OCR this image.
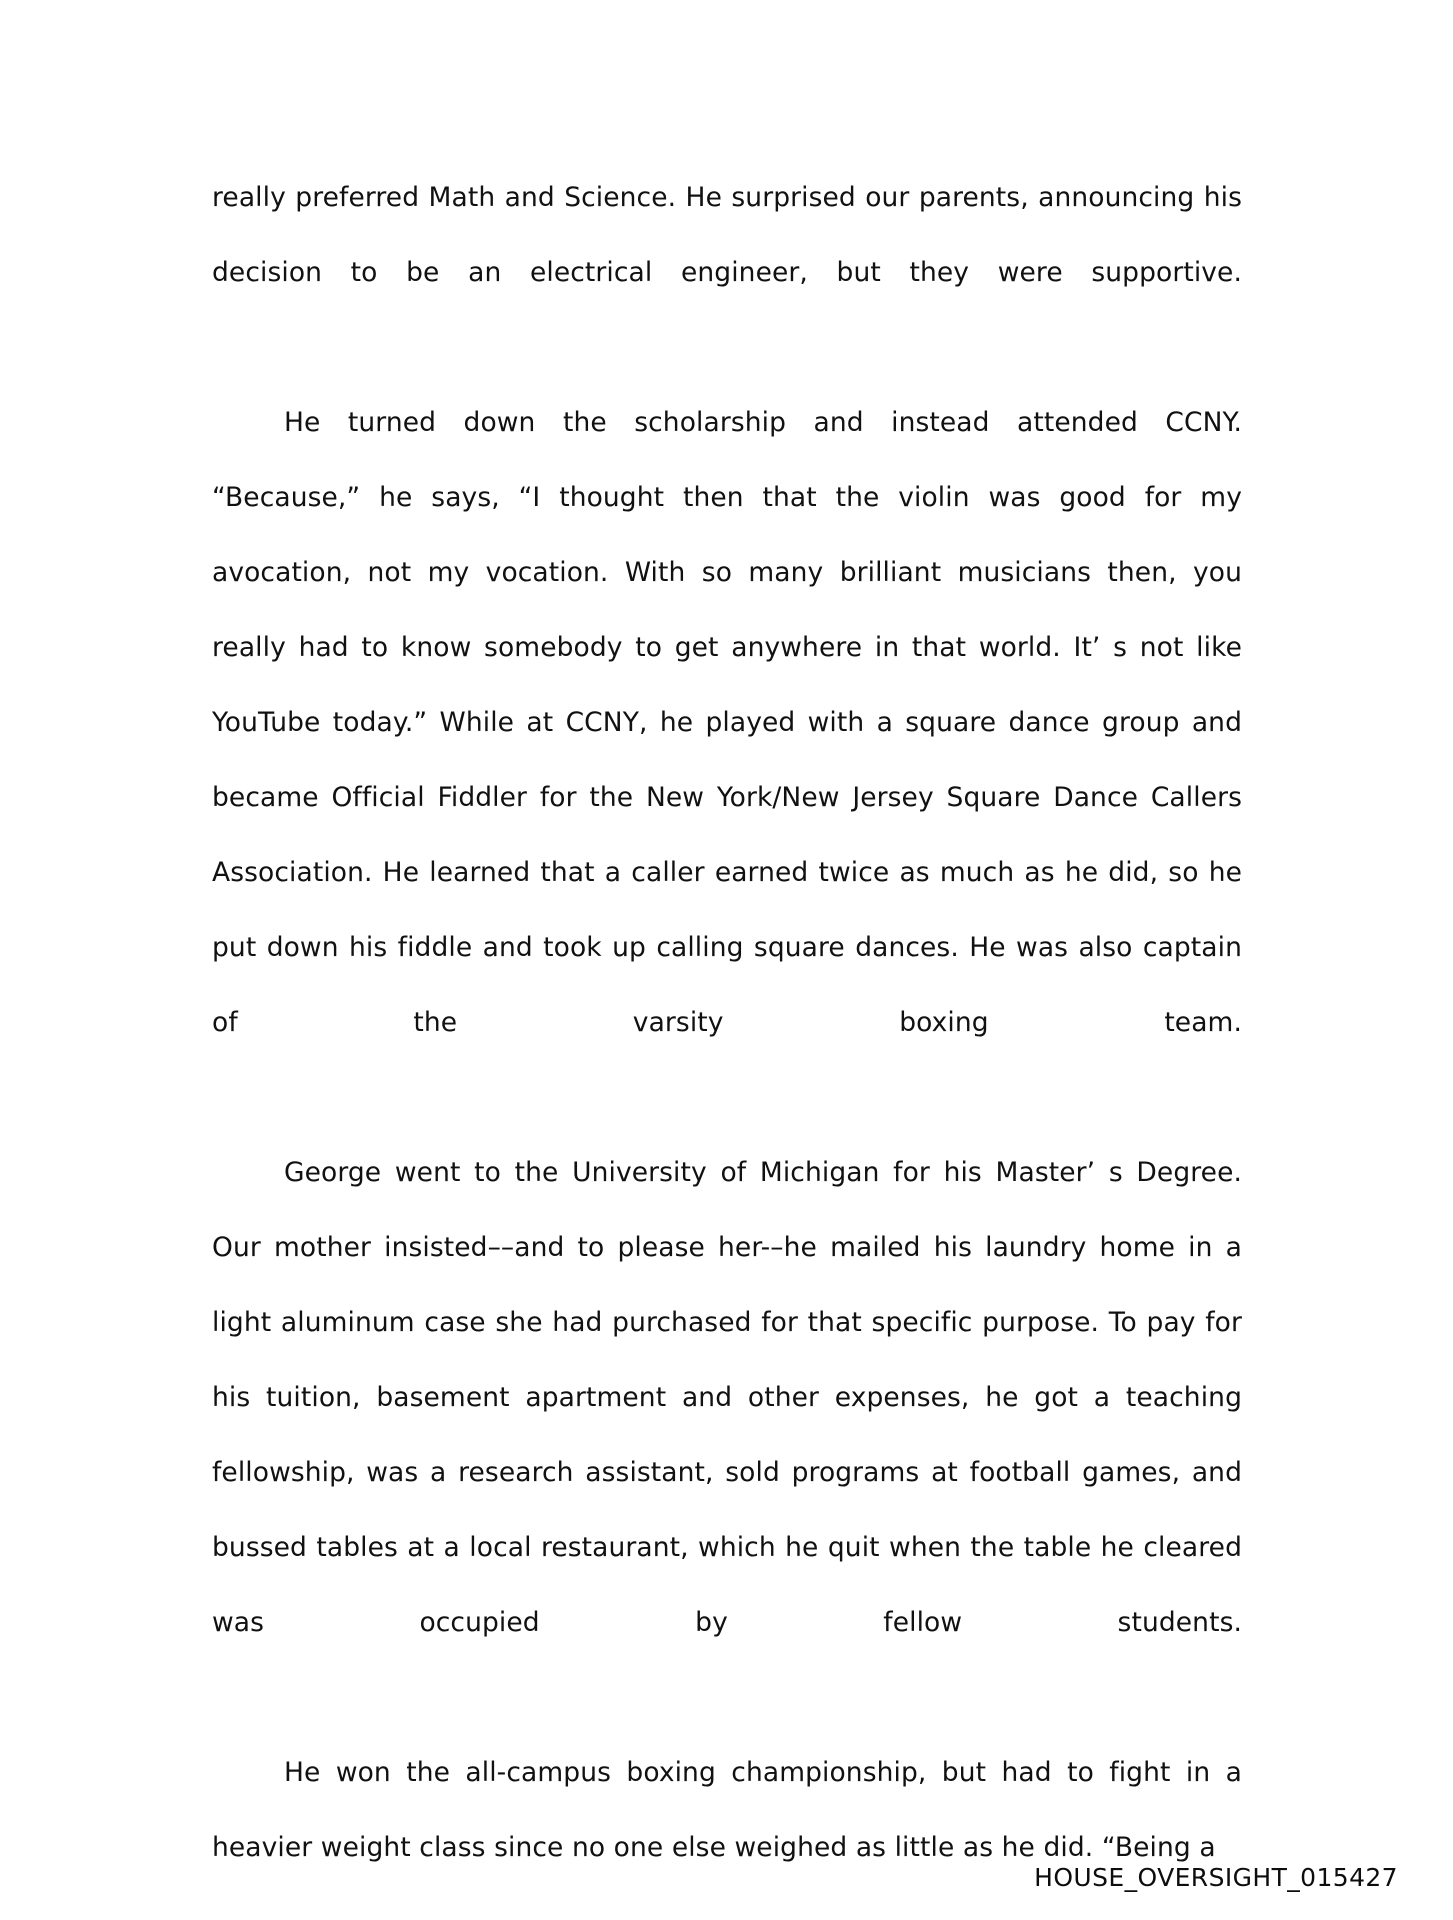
really preferred Math and Science. He surprised our parents, announcing his decision to be an electrical engineer, but they were supportive.

He turned down the scholarship and instead attended CCNY. “Because,” he says, “I thought then that the violin was good for my avocation, not my vocation. With so many brilliant musicians then, you really had to know somebody to get anywhere in that world. It’ s not like YouTube today.” While at CCNY, he played with a square dance group and became Official Fiddler for the New York/New Jersey Square Dance Callers Association. He learned that a caller earned twice as much as he did, so he put down his fiddle and took up calling square dances. He was also captain of the varsity boxing team.

George went to the University of Michigan for his Master’ s Degree. Our mother insisted––and to please her-–he mailed his laundry home in a light aluminum case she had purchased for that specific purpose. To pay for his tuition, basement apartment and other expenses, he got a teaching fellowship, was a research assistant, sold programs at football games, and bussed tables at a local restaurant, which he quit when the table he cleared was occupied by fellow students.

He won the all-campus boxing championship, but had to fight in a heavier weight class since no one else weighed as little as he did. “Being a

HOUSE_OVERSIGHT_015427
